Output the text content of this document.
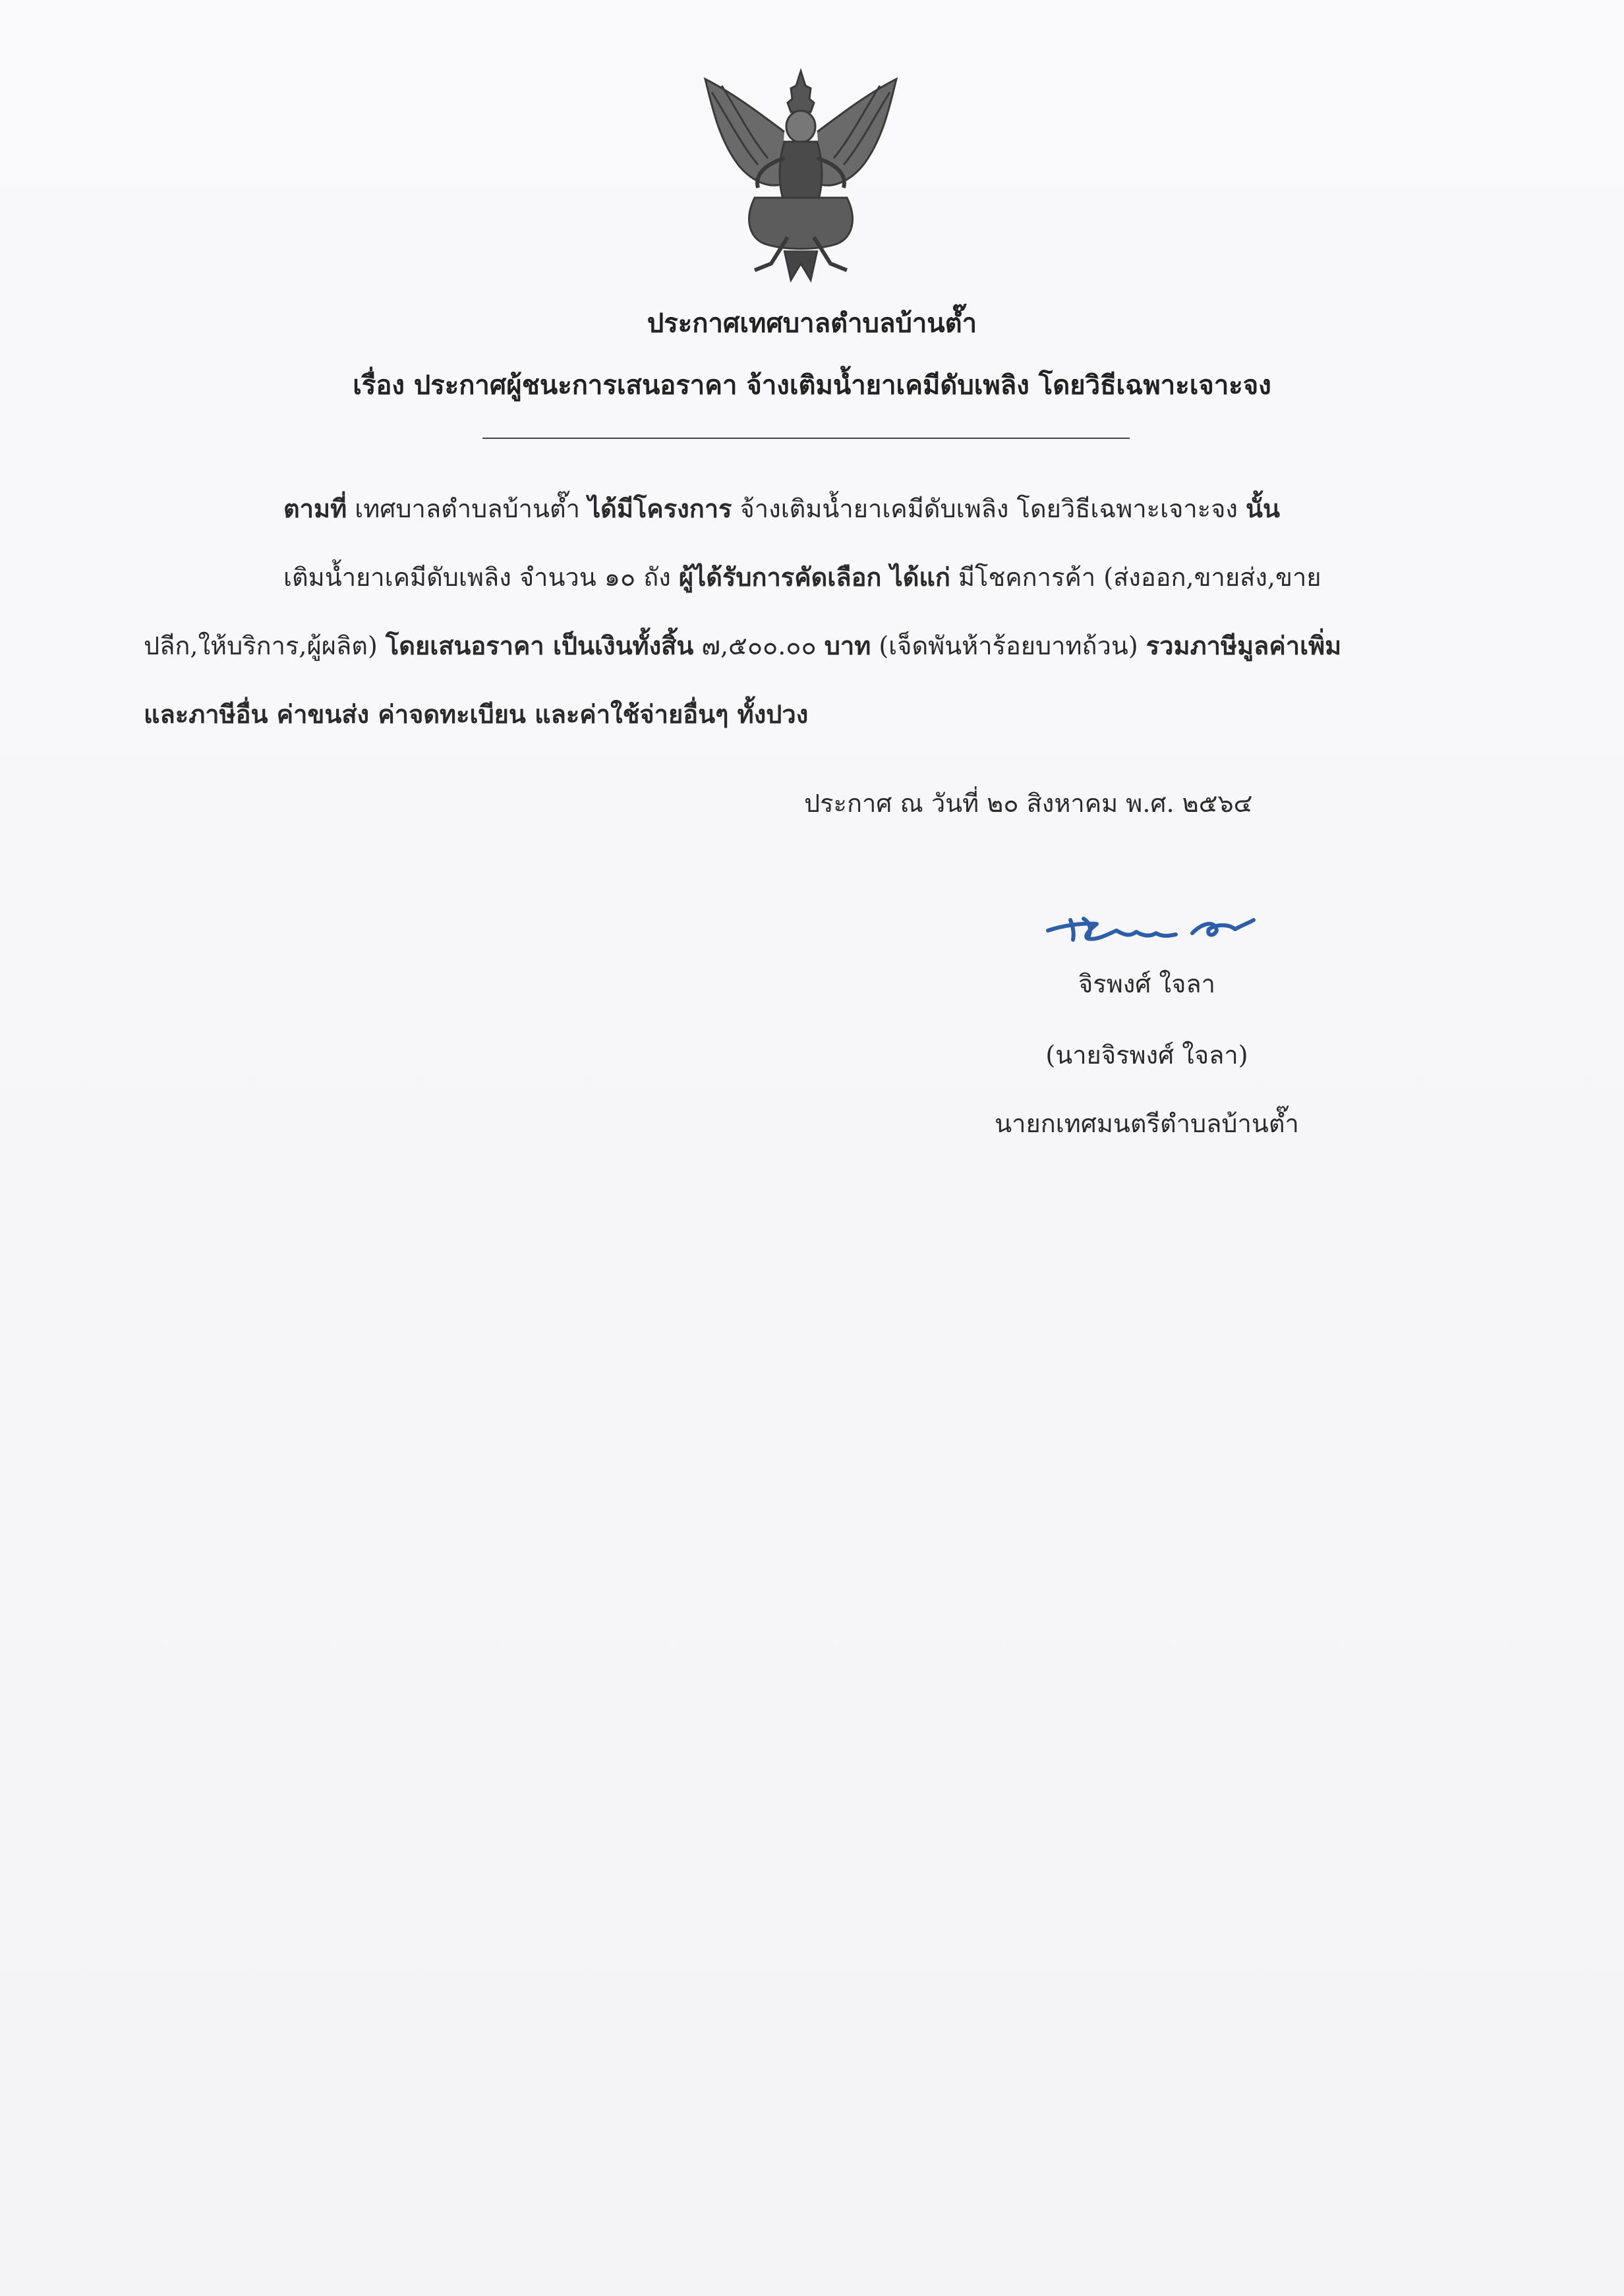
ประกาศเทศบาลตำบลบ้านต๊ำ
เรื่อง ประกาศผู้ชนะการเสนอราคา จ้างเติมน้ำยาเคมีดับเพลิง โดยวิธีเฉพาะเจาะจง
ตามที่ เทศบาลตำบลบ้านต๊ำ ได้มีโครงการ จ้างเติมน้ำยาเคมีดับเพลิง โดยวิธีเฉพาะเจาะจง นั้น
เติมน้ำยาเคมีดับเพลิง จำนวน ๑๐ ถัง ผู้ได้รับการคัดเลือก ได้แก่ มีโชคการค้า (ส่งออก,ขายส่ง,ขาย
ปลีก,ให้บริการ,ผู้ผลิต) โดยเสนอราคา เป็นเงินทั้งสิ้น ๗,๕๐๐.๐๐ บาท (เจ็ดพันห้าร้อยบาทถ้วน) รวมภาษีมูลค่าเพิ่ม
และภาษีอื่น ค่าขนส่ง ค่าจดทะเบียน และค่าใช้จ่ายอื่นๆ ทั้งปวง
ประกาศ ณ วันที่ ๒๐ สิงหาคม พ.ศ. ๒๕๖๔
จิรพงศ์ ใจลา
(นายจิรพงศ์ ใจลา)
นายกเทศมนตรีตำบลบ้านต๊ำ
